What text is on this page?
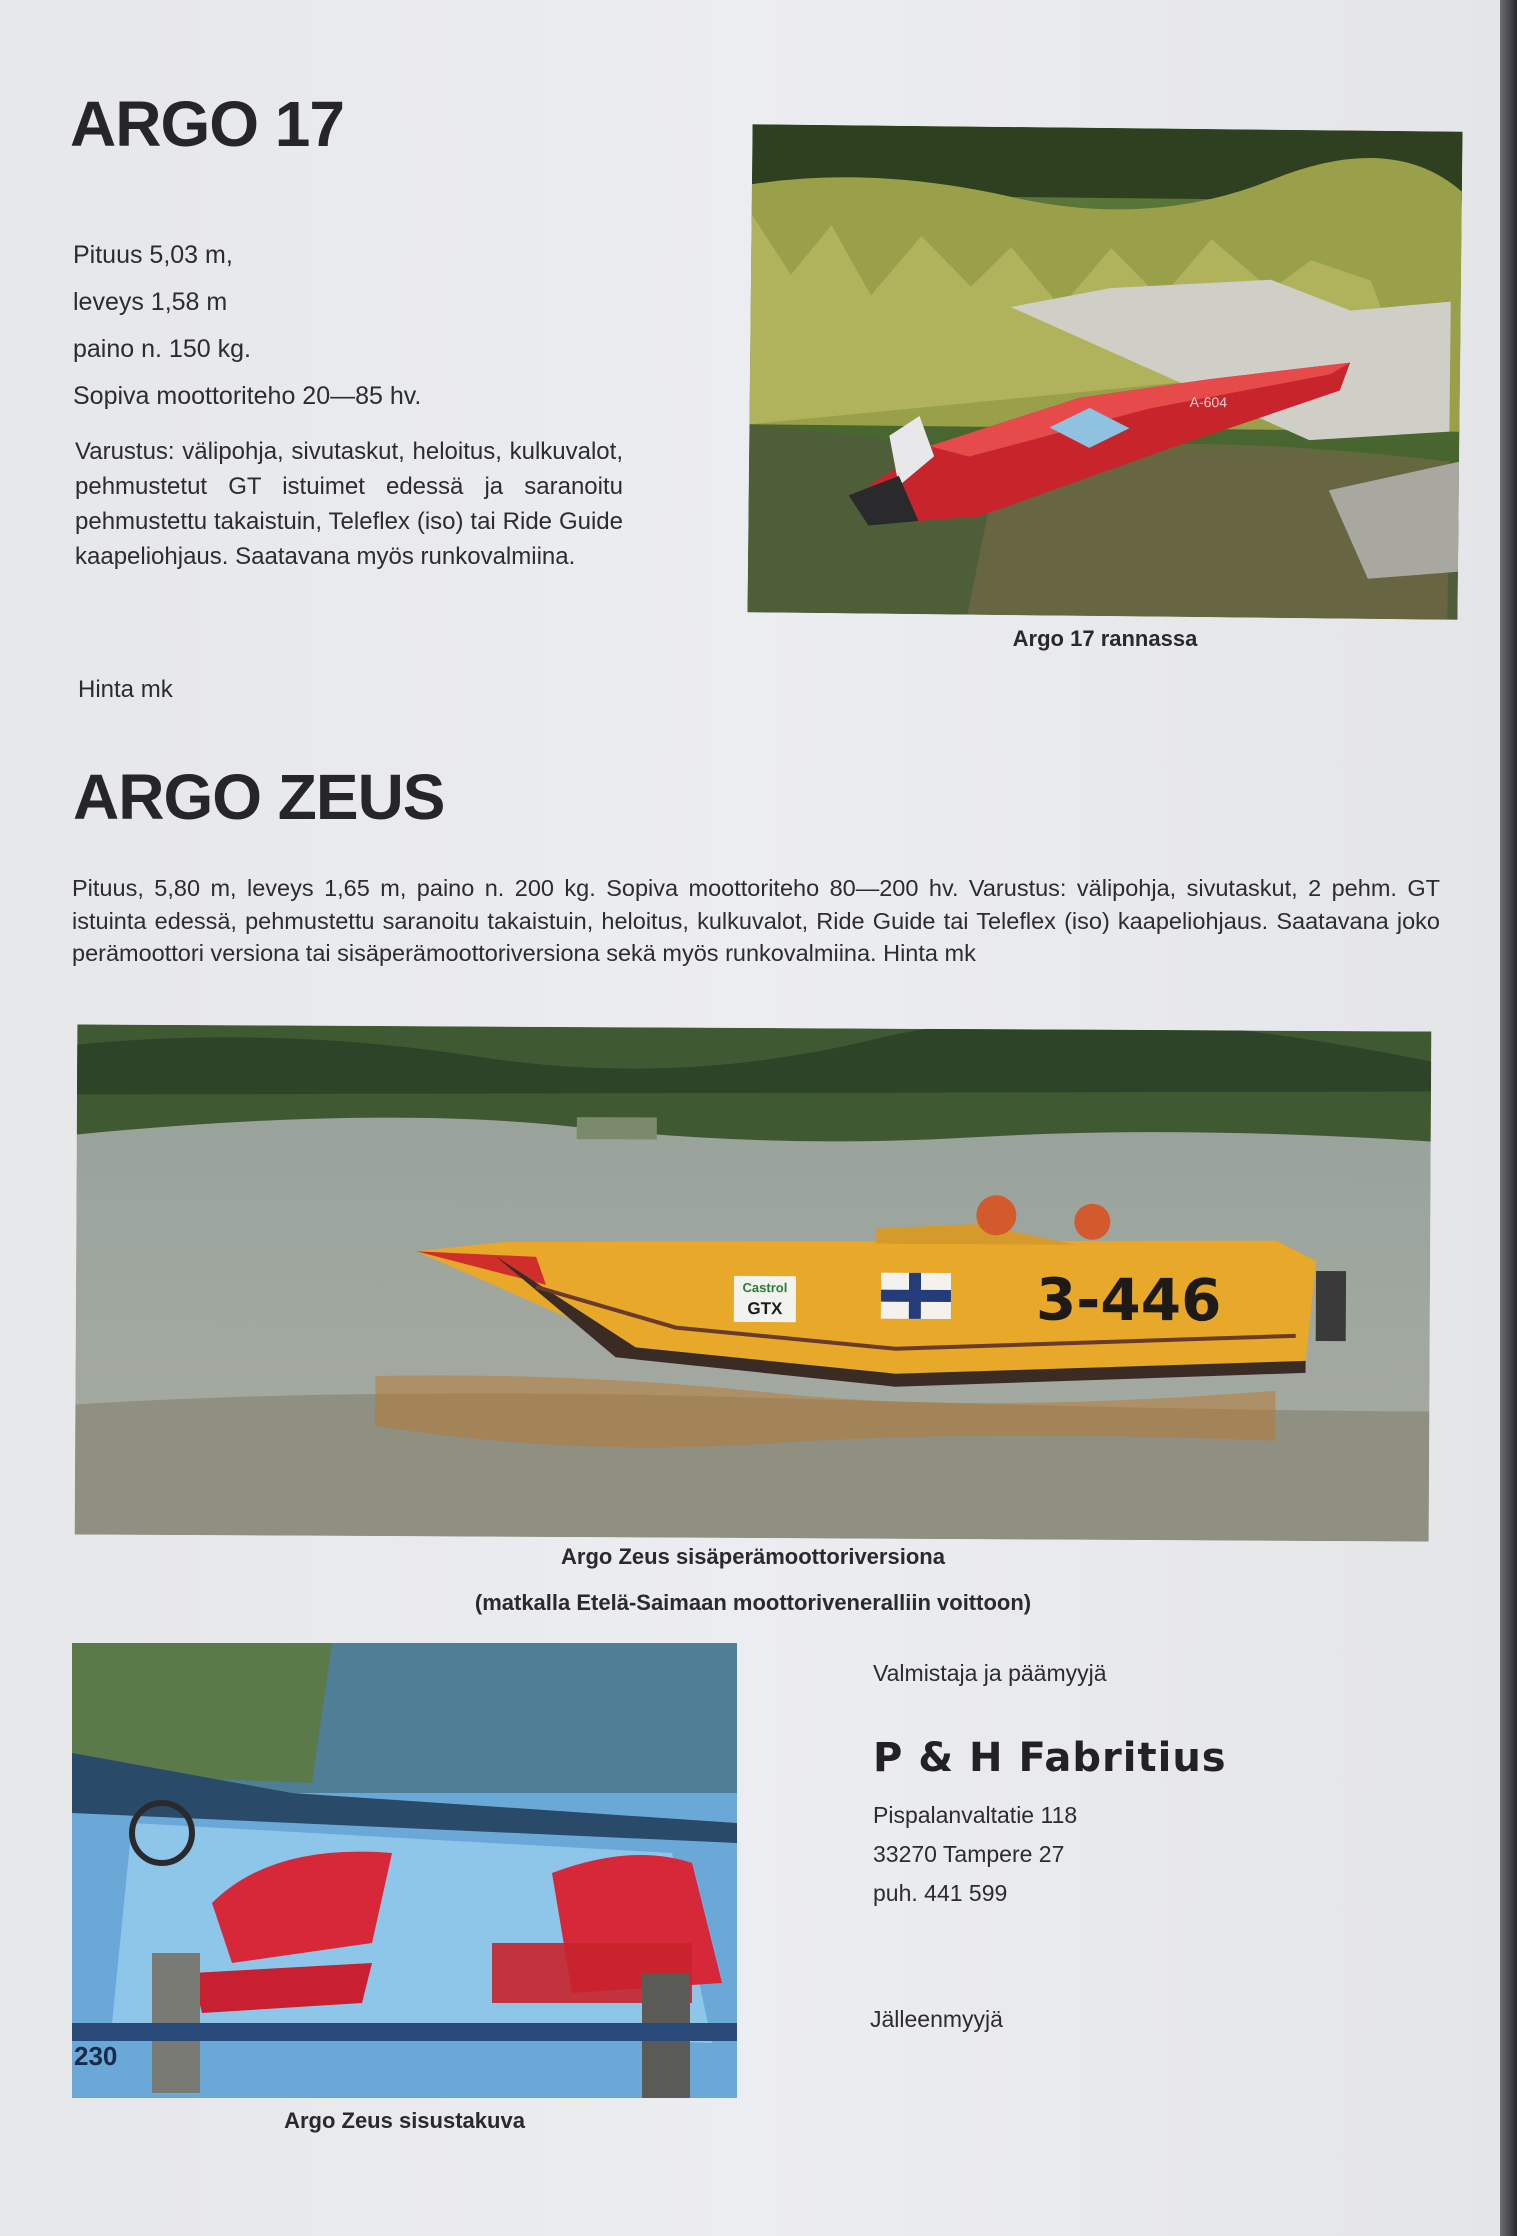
ARGO 17

Pituus 5,03 m,

leveys 1,58 m

paino n. 150 kg.

Sopiva moottoriteho 20—85 hv.

Varustus: välipohja, sivutaskut, heloitus, kulkuvalot, pehmustetut GT istuimet edessä ja saranoitu pehmustettu takaistuin, Teleflex (iso) tai Ride Guide kaapeliohjaus. Saatavana myös runkovalmiina.

Hinta mk
A-604
Argo 17 rannassa
ARGO ZEUS

Pituus, 5,80 m, leveys 1,65 m, paino n. 200 kg. Sopiva moottoriteho 80—200 hv. Varustus: välipohja, sivutaskut, 2 pehm. GT istuinta edessä, pehmustettu saranoitu takaistuin, heloitus, kulkuvalot, Ride Guide tai Teleflex (iso) kaapeliohjaus. Saatavana joko perämoottori versiona tai sisäperämoottoriversiona sekä myös runkovalmiina. Hinta mk

Castrol
GTX	3-446
Argo Zeus sisäperämoottoriversiona
(matkalla Etelä-Saimaan moottoriveneralliin voittoon)
230
Argo Zeus sisustakuva
Valmistaja ja päämyyjä
P & H Fabritius

Pispalanvaltatie 118

33270 Tampere 27

puh. 441 599

Jälleenmyyjä
